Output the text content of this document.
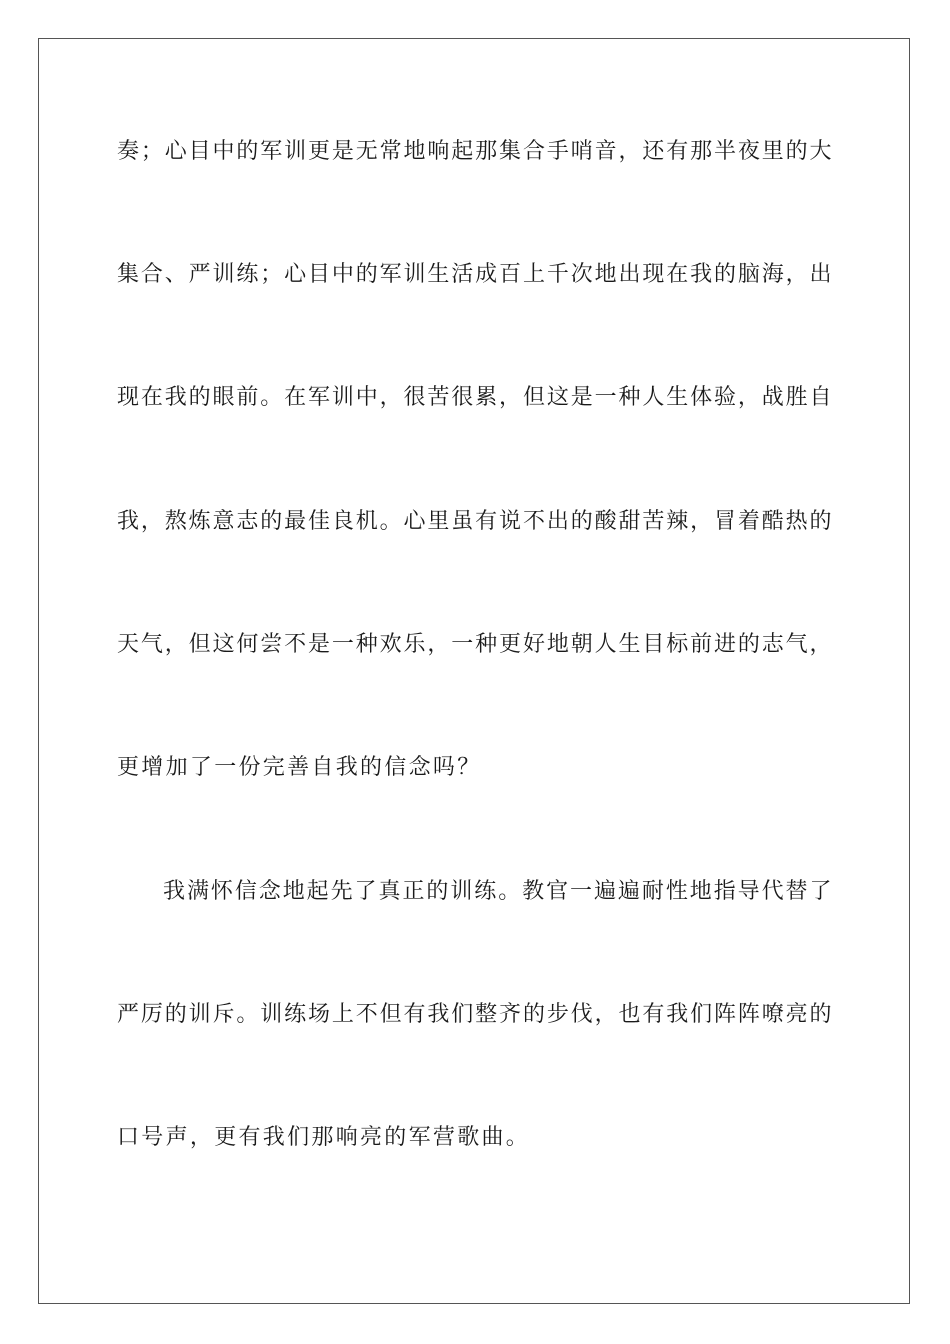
奏；心目中的军训更是无常地响起那集合手哨音，还有那半夜里的大
集合、严训练；心目中的军训生活成百上千次地出现在我的脑海，出
现在我的眼前。在军训中，很苦很累，但这是一种人生体验，战胜自
我，熬炼意志的最佳良机。心里虽有说不出的酸甜苦辣，冒着酷热的
天气，但这何尝不是一种欢乐，一种更好地朝人生目标前进的志气，
更增加了一份完善自我的信念吗？
我满怀信念地起先了真正的训练。教官一遍遍耐性地指导代替了
严厉的训斥。训练场上不但有我们整齐的步伐，也有我们阵阵嘹亮的
口号声，更有我们那响亮的军营歌曲。
